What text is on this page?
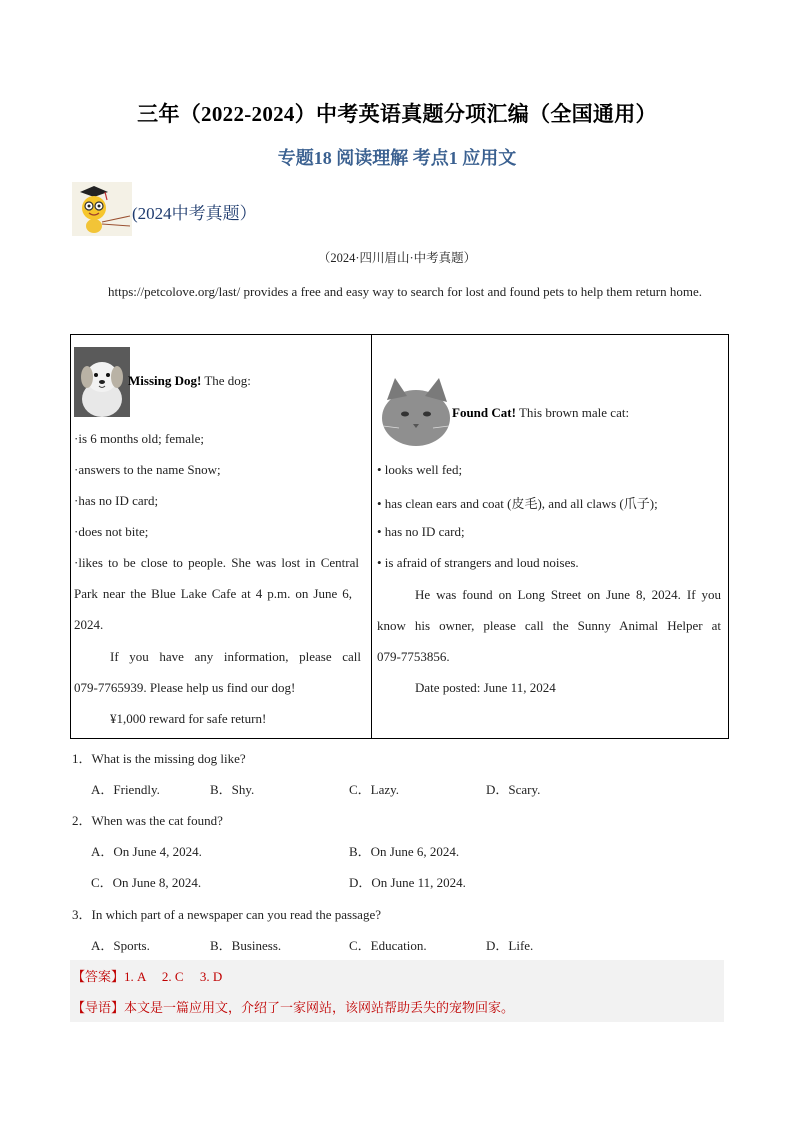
三年（2022-2024）中考英语真题分项汇编（全国通用）
专题18 阅读理解 考点1 应用文
(2024中考真题）
（2024·四川眉山·中考真题）
https://petcolove.org/last/ provides a free and easy way to search for lost and found pets to help them return home.
Missing Dog! The dog:
·is 6 months old; female;
·answers to the name Snow;
·has no ID card;
·does not bite;
·likes to be close to people. She was lost in Central
Park near the Blue Lake Cafe at 4 p.m. on June 6,
2024.
If you have any information, please call
079-7765939. Please help us find our dog!
¥1,000 reward for safe return!
Found Cat! This brown male cat:
• looks well fed;
• has clean ears and coat (皮毛), and all claws (爪子);
• has no ID card;
• is afraid of strangers and loud noises.
He was found on Long Street on June 8, 2024. If you
know his owner, please call the Sunny Animal Helper at
079-7753856.
Date posted: June 11, 2024
1．What is the missing dog like?
A．Friendly.	B．Shy.	C．Lazy.	D．Scary.
2．When was the cat found?
A．On June 4, 2024.	B．On June 6, 2024.
C．On June 8, 2024.	D．On June 11, 2024.
3．In which part of a newspaper can you read the passage?
A．Sports.	B．Business.	C．Education.	D．Life.
【答案】1. A     2. C     3. D
【导语】本文是一篇应用文，介绍了一家网站，该网站帮助丢失的宠物回家。
